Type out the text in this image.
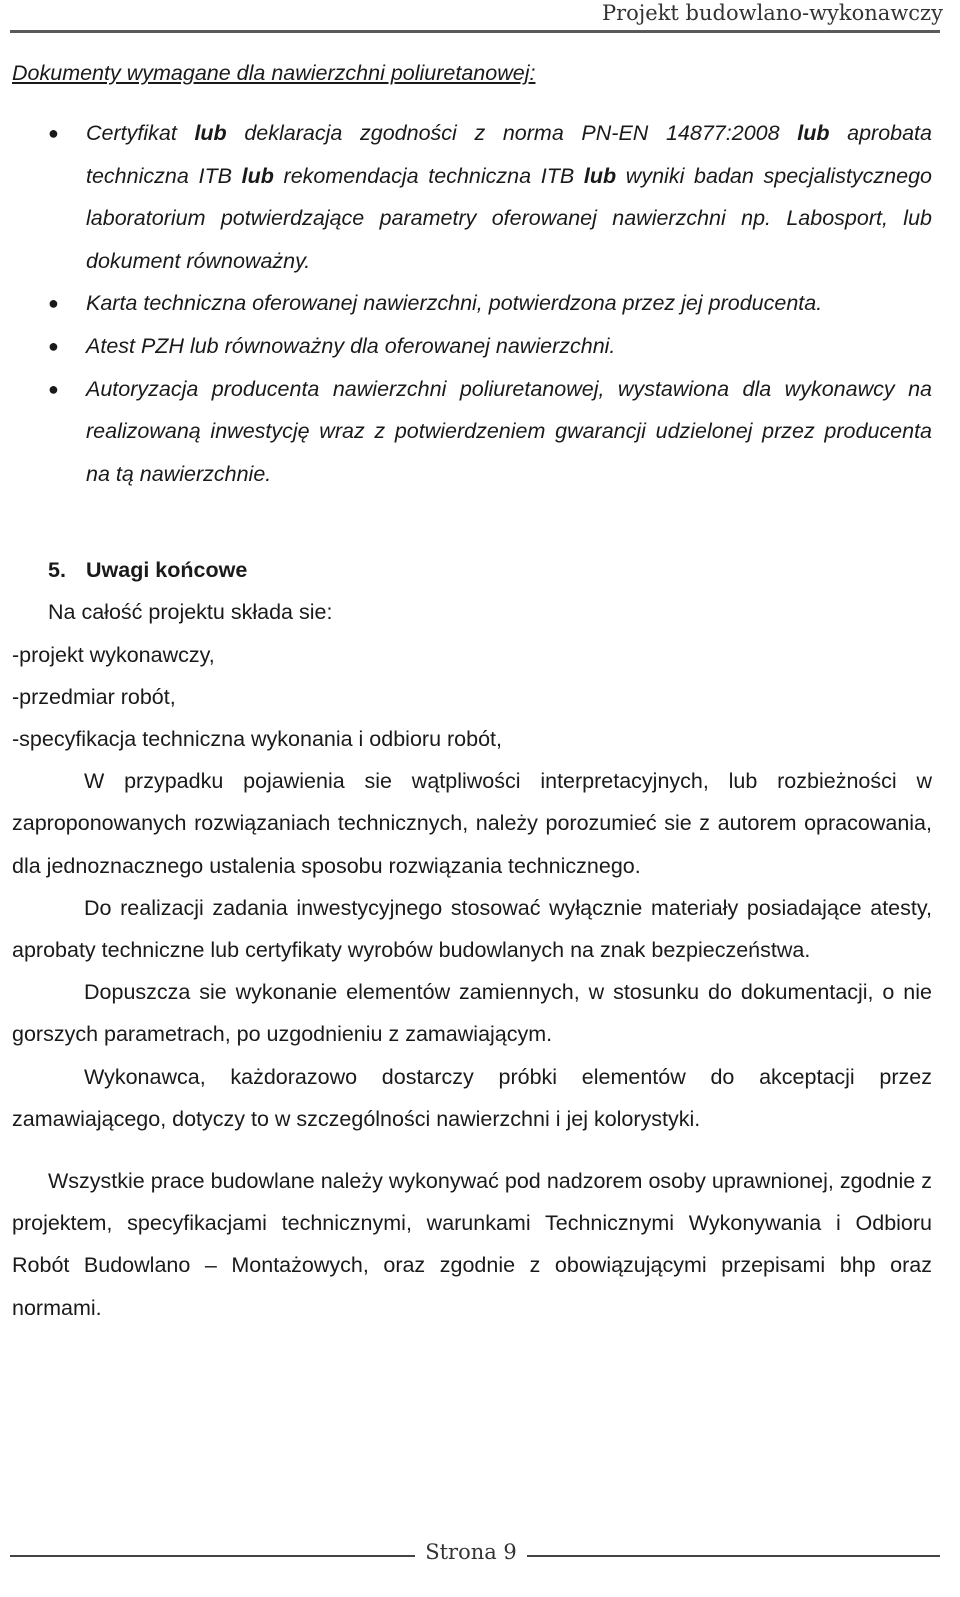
Projekt budowlano-wykonawczy
Dokumenty wymagane dla nawierzchni poliuretanowej:
● Certyfikat lub deklaracja zgodności z norma PN-EN 14877:2008 lub aprobata techniczna ITB lub rekomendacja techniczna ITB lub wyniki badan specjalistycznego laboratorium potwierdzające parametry oferowanej nawierzchni np. Labosport, lub dokument równoważny.
● Karta techniczna oferowanej nawierzchni, potwierdzona przez jej producenta.
● Atest PZH lub równoważny dla oferowanej nawierzchni.
● Autoryzacja producenta nawierzchni poliuretanowej, wystawiona dla wykonawcy na realizowaną inwestycję wraz z potwierdzeniem gwarancji udzielonej przez producenta na tą nawierzchnie.
5. Uwagi końcowe

Na całość projektu składa sie:

-projekt wykonawczy,

-przedmiar robót,

-specyfikacja techniczna wykonania i odbioru robót,

W przypadku pojawienia sie wątpliwości interpretacyjnych, lub rozbieżności w zaproponowanych rozwiązaniach technicznych, należy porozumieć sie z autorem opracowania, dla jednoznacznego ustalenia sposobu rozwiązania technicznego.

Do realizacji zadania inwestycyjnego stosować wyłącznie materiały posiadające atesty, aprobaty techniczne lub certyfikaty wyrobów budowlanych na znak bezpieczeństwa.

Dopuszcza sie wykonanie elementów zamiennych, w stosunku do dokumentacji, o nie gorszych parametrach, po uzgodnieniu z zamawiającym.

Wykonawca, każdorazowo dostarczy próbki elementów do akceptacji przez zamawiającego, dotyczy to w szczególności nawierzchni i jej kolorystyki.

Wszystkie prace budowlane należy wykonywać pod nadzorem osoby uprawnionej, zgodnie z projektem, specyfikacjami technicznymi, warunkami Technicznymi Wykonywania i Odbioru Robót Budowlano – Montażowych, oraz zgodnie z obowiązującymi przepisami bhp oraz normami.

Strona 9
